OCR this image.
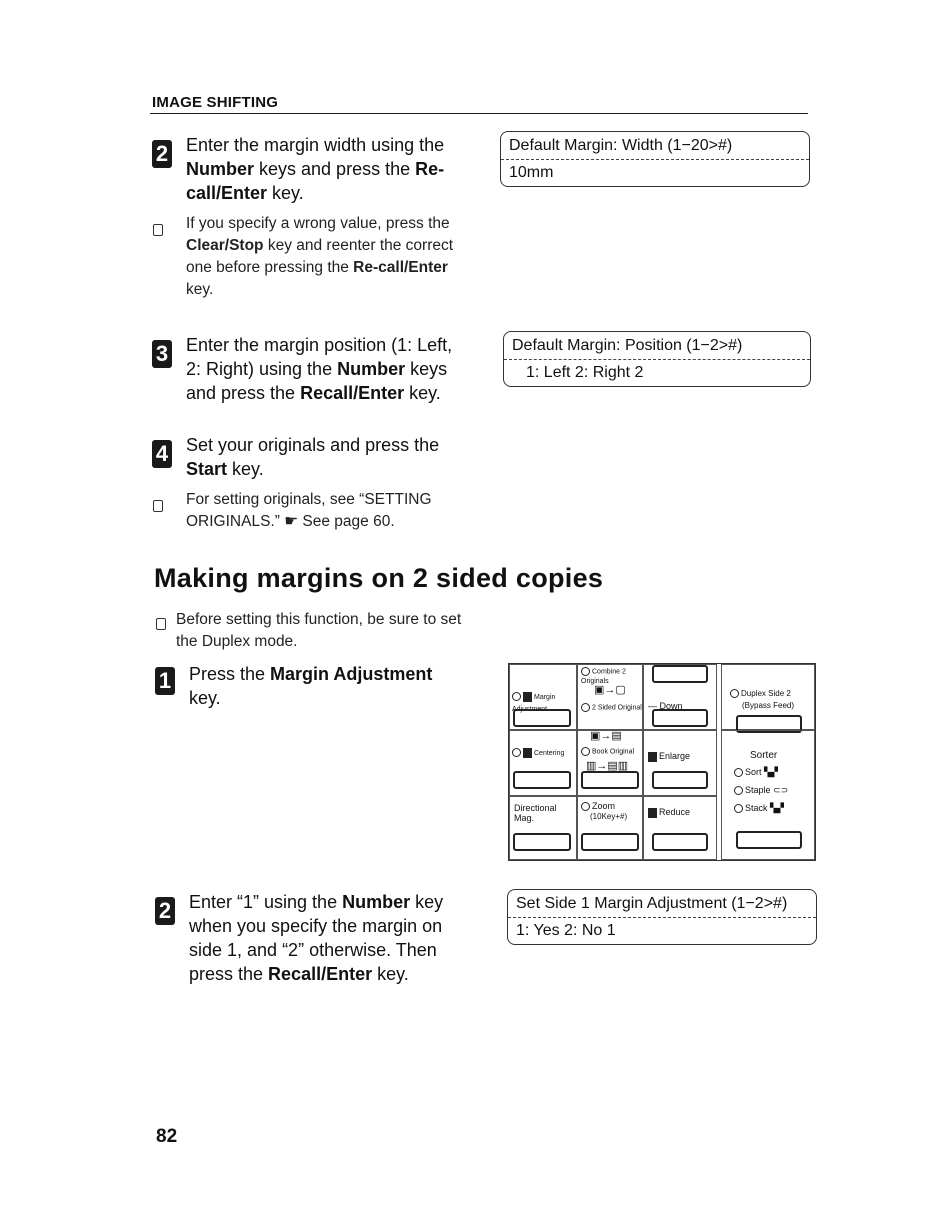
IMAGE SHIFTING
2 Enter the margin width using the Number keys and press the Re-call/Enter key.
If you specify a wrong value, press the Clear/Stop key and reenter the correct one before pressing the Re-call/Enter key.
Default Margin: Width (1−20>#)
10mm
3 Enter the margin position (1: Left, 2: Right) using the Number keys and press the Recall/Enter key.
Default Margin: Position (1−2>#)
1: Left 2: Right 2
4 Set your originals and press the Start key.
For setting originals, see “SETTING ORIGINALS.” ☛ See page 60.
Making margins on 2 sided copies
Before setting this function, be sure to set the Duplex mode.
1 Press the Margin Adjustment key.	Margin Adjustment
Centering
Directional Mag.
Combine 2 Originals
▣→▢
2 Sided Original
▣→▤
Book Original
▥→▤▥
Zoom
(10Key+#)
— Down
Enlarge
Reduce
Duplex Side 2
(Bypass Feed)
Sorter
Sort ▚▞
Staple ⊂⊃
Stack ▚▞
2 Enter “1” using the Number key when you specify the margin on side 1, and “2” otherwise. Then press the Recall/Enter key.
Set Side 1 Margin Adjustment (1−2>#)
1: Yes 2: No 1
82
